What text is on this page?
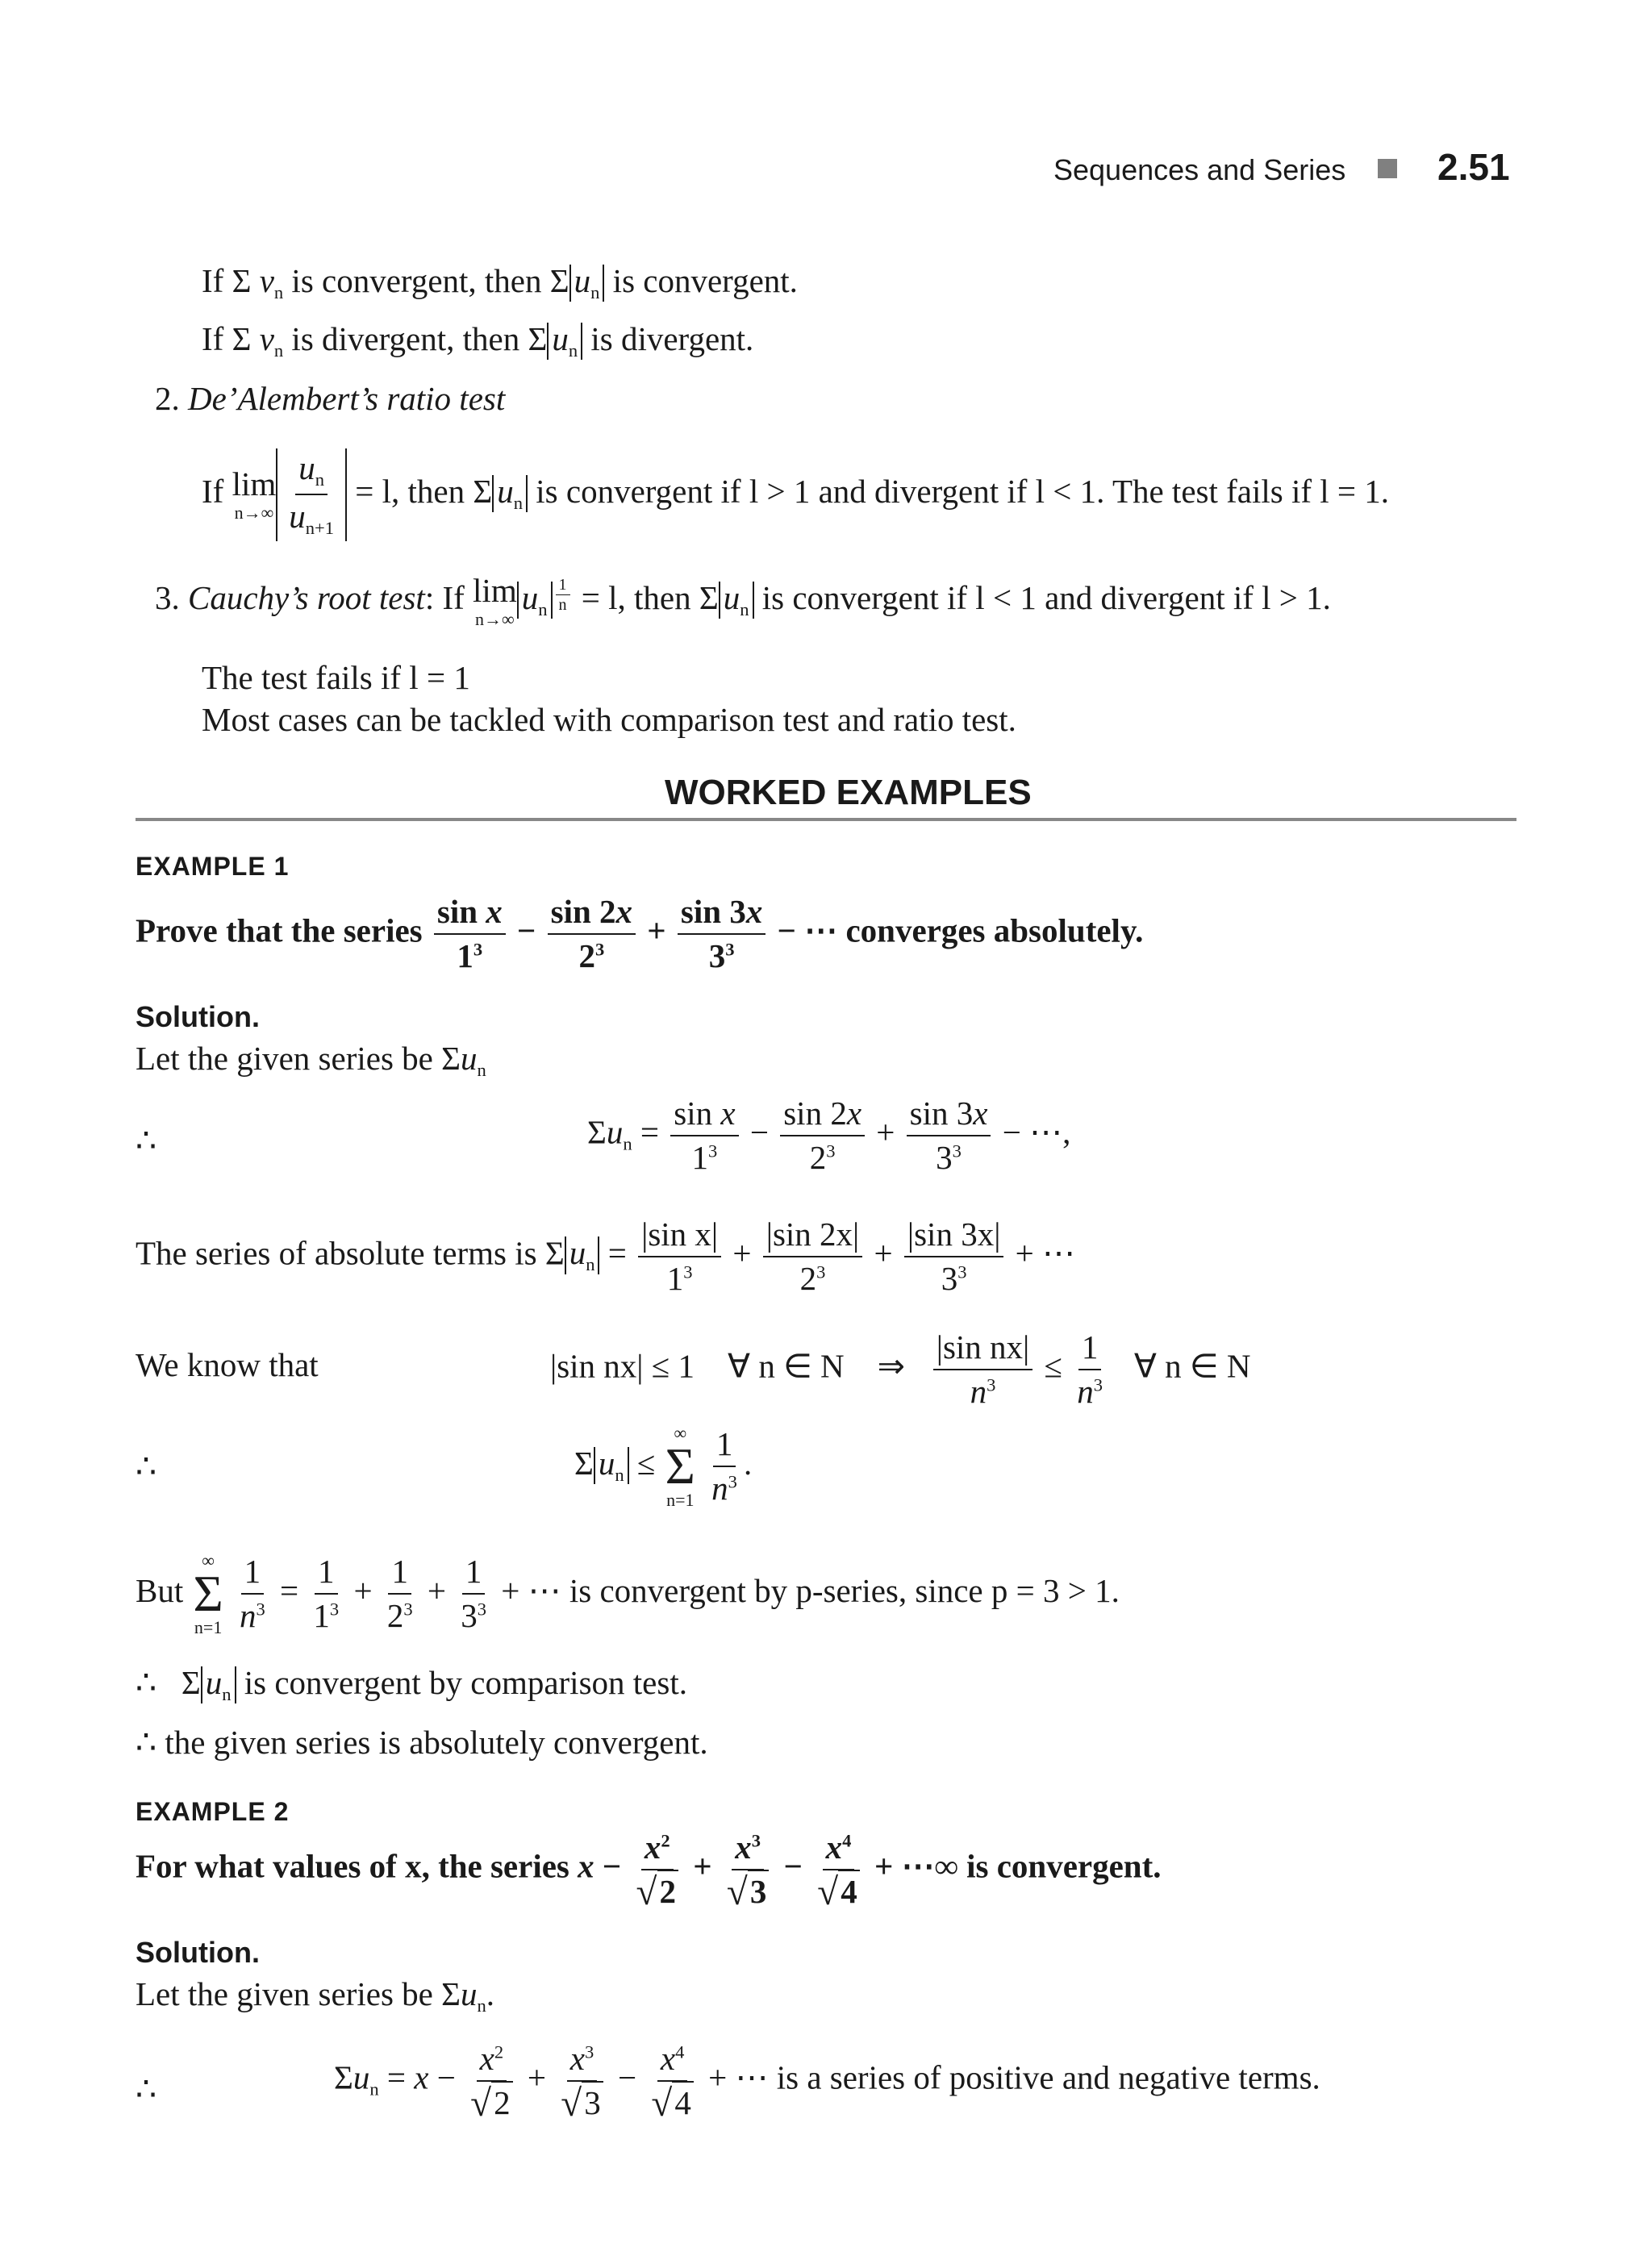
Sequences and Series 2.51
If Σ $v_n$ is convergent, then Σ $u_n$ is convergent.
If Σ $v_n$ is divergent, then Σ $u_n$ is divergent.
2. De’Alembert’s ratio test
If lim
$n\to\infty \frac{u_n}{u_{n+1}} = l$, then Σ $u_n$ is convergent if l > 1 and divergent if l < 1. The test fails if l = 1.
3. Cauchy’s root test: If lim
n→∞
$u_n \frac{1}{n} = l$, then Σ $u_n$ is convergent if l < 1 and divergent if l > 1.
The test fails if l = 1
Most cases can be tackled with comparison test and ratio test.
WORKED EXAMPLES
EXAMPLE 1
Prove that the series $\frac{\text{sin x}}{1^3} - \frac{\sin 2x}{2^3} + \frac{\sin 3x}{3^3}$ − ⋯ converges absolutely.
Solution.
Let the given series be $\Sigma u_n$
∴	$\Sigma u_n = \frac{\text{sin x}}{1^3} - \frac{\sin 2x}{2^3} + \frac{\sin 3x}{3^3}$ − ⋯,
The series of absolute terms is Σ $u_n = \frac{\text{|sin x|}}{1^3} + \frac{|\sin 2x|}{2^3} + \frac{|\sin 3x|}{3^3}$ + ⋯
We know that	|sin nx| ≤ 1 ∀ n ∈ N ⇒ $\frac{\text{|sin nx|}}{n^3} \le \frac{1}{n^3}$ ∀ n ∈ N
∴	Σ $u_n$ ≤
∞
Σ
n=1
$\frac{1}{n^3}$ .
But
∞
Σ
n=1
$\frac{1}{n^3} = \frac{1}{1^3} + \frac{1}{2^3} + \frac{1}{3^3}$ + ⋯ is convergent by p-series, since p = 3 > 1.
∴   Σ $u_n$ is convergent by comparison test.
∴ the given series is absolutely convergent.
EXAMPLE 2
For what values of x, the series $x - \frac{x^2}{√ 2} + \frac{x^3}{√ 3} - \frac{x^4}{√ 4}$ + ⋯∞ is convergent.
Solution.
Let the given series be $\Sigma u_n$.
∴	$\Sigma u_n = x - \frac{x^2}{√ 2} + \frac{x^3}{√ 3} - \frac{x^4}{√ 4}$ + ⋯ is a series of positive and negative terms.
